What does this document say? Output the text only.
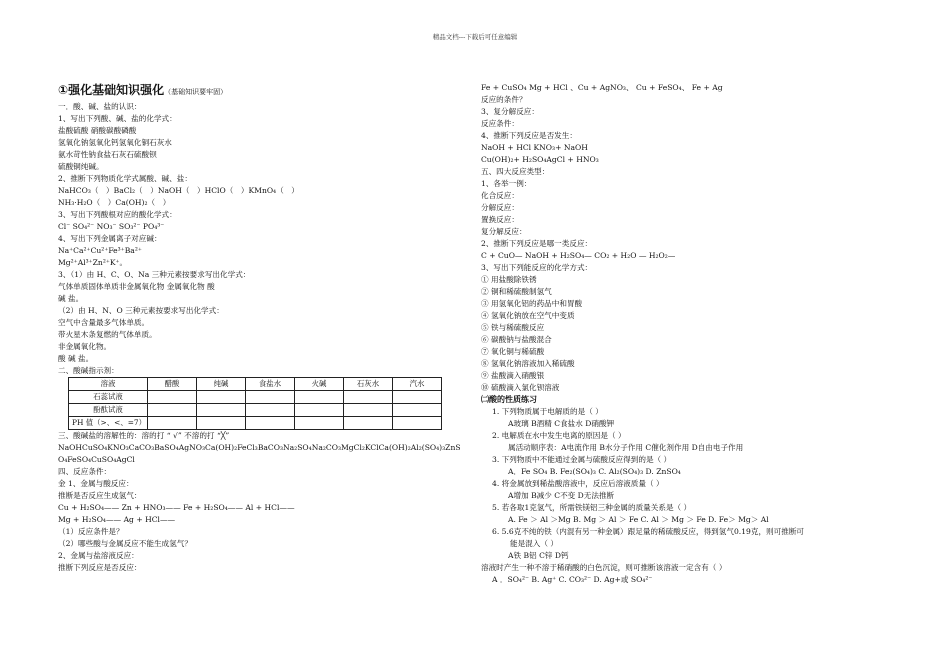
精品文档---下载后可任意编辑
①强化基础知识强化（基础知识要牢固）
一．酸、碱、盐的认识：
1、写出下列酸、碱、盐的化学式：
盐酸硫酸 硝酸碳酸磷酸
氢氧化钠氢氧化钙氢氧化铜石灰水
氨水苛性钠食盐石灰石硫酸钡
硫酸铜纯碱。
2、推断下列物质化学式属酸、碱、盐：
NaHCO₃（　）BaCl₂（　）NaOH（　）HClO（　）KMnO₄（　）
NH₃·H₂O（　）Ca(OH)₂（　）
3、写出下列酸根对应的酸化学式：
Cl⁻ SO₄²⁻ NO₃⁻ SO₃²⁻ PO₄³⁻
4、写出下列金属离子对应碱：
Na⁺Ca²⁺Cu²⁺Fe³⁺Ba²⁺
Mg²⁺Al³⁺Zn²⁺K⁺。
3、（1）由 H、C、O、Na 三种元素按要求写出化学式：
气体单质固体单质非金属氧化物 金属氧化物 酸
碱 盐。
（2）由 H、N、O 三种元素按要求写出化学式：
空气中含量最多气体单质。
带火星木条复燃的气体单质。
非金属氧化物。
酸 碱 盐。
二、酸碱指示剂：
溶液	醋酸	纯碱	食盐水	火碱	石灰水	汽水
石蕊试液						
酚酞试液						
PH 值（>、<、=7）						
三、酸碱盐的溶解性的：溶的打 “ √” 不溶的打 “╳”
NaOHCuSO₄KNO₃CaCO₃BaSO₄AgNO₃Ca(OH)₂FeCl₃BaCO₃Na₂SO₄Na₂CO₃MgCl₂KClCa(OH)₂Al₂(SO₄)₃ZnSO₄FeSO₄CuSO₄AgCl
四、反应条件：
金 1、金属与酸反应：
推断是否反应生成氢气：
Cu + H₂SO₄—— Zn + HNO₃—— Fe + H₂SO₄—— Al + HCl——
Mg + H₂SO₄—— Ag + HCl——
（1）反应条件是？
（2）哪些酸与金属反应不能生成氢气？
2、金属与盐溶液反应：
推断下列反应是否反应：
Fe + CuSO₄ Mg + HCl 、Cu + AgNO₃、 Cu + FeSO₄、 Fe + Ag
反应的条件？
3、复分解反应：
反应条件：
4、推断下列反应是否发生：
NaOH + HCl KNO₃+ NaOH
Cu(OH)₂+ H₂SO₄AgCl + HNO₃
五、四大反应类型：
1、各举一例：
化合反应：
分解反应：
置换反应：
复分解反应：
2、推断下列反应是哪一类反应：
C + CuO— NaOH + H₂SO₄— CO₂ + H₂O — H₂O₂—
3、写出下列能反应的化学方式：
① 用盐酸除铁锈
② 铜和稀硫酸制氢气
③ 用氢氧化铝的药品中和胃酸
④ 氢氧化钠放在空气中变质
⑤ 铁与稀硫酸反应
⑥ 碳酸钠与盐酸混合
⑦ 氧化铜与稀硫酸
⑧ 氢氧化钠溶液加入稀硫酸
⑨ 盐酸滴入硝酸银
⑩ 硫酸滴入氯化钡溶液
㈡酸的性质练习
1. 下列物质属于电解质的是（ ）
A玻璃 B酒精 C食盐水 D硝酸钾
2. 电解质在水中发生电离的原因是（ ）
属活动顺序表：A电流作用 B水分子作用 C催化剂作用 D自由电子作用
3. 下列物质中不能通过金属与硫酸反应得到的是（ ）
A．Fe SO₄ B. Fe₂(SO₄)₃ C. Al₂(SO₄)₃ D. ZnSO₄
4. 将金属放到稀盐酸溶液中，反应后溶液质量（ ）
A增加 B减少 C不变 D无法推断
5. 若各取1克氢气，所需铁镁铝三种金属的质量关系是（ ）
A. Fe ＞ Al ＞Mg B. Mg ＞ Al ＞ Fe C. Al ＞ Mg ＞ Fe D. Fe＞ Mg＞ Al
6. 5.6克不纯的铁（内混有另一种金属）跟足量的稀硫酸反应，得到氢气0.19克，则可推断可
能是混入（ ）
A铁 B铝 C锌 D钙
溶液时产生一种不溶于稀硝酸的白色沉淀，则可推断该溶液一定含有（ ）
A ．SO₄²⁻ B. Ag⁺ C. CO₃²⁻ D. Ag+或 SO₄²⁻
